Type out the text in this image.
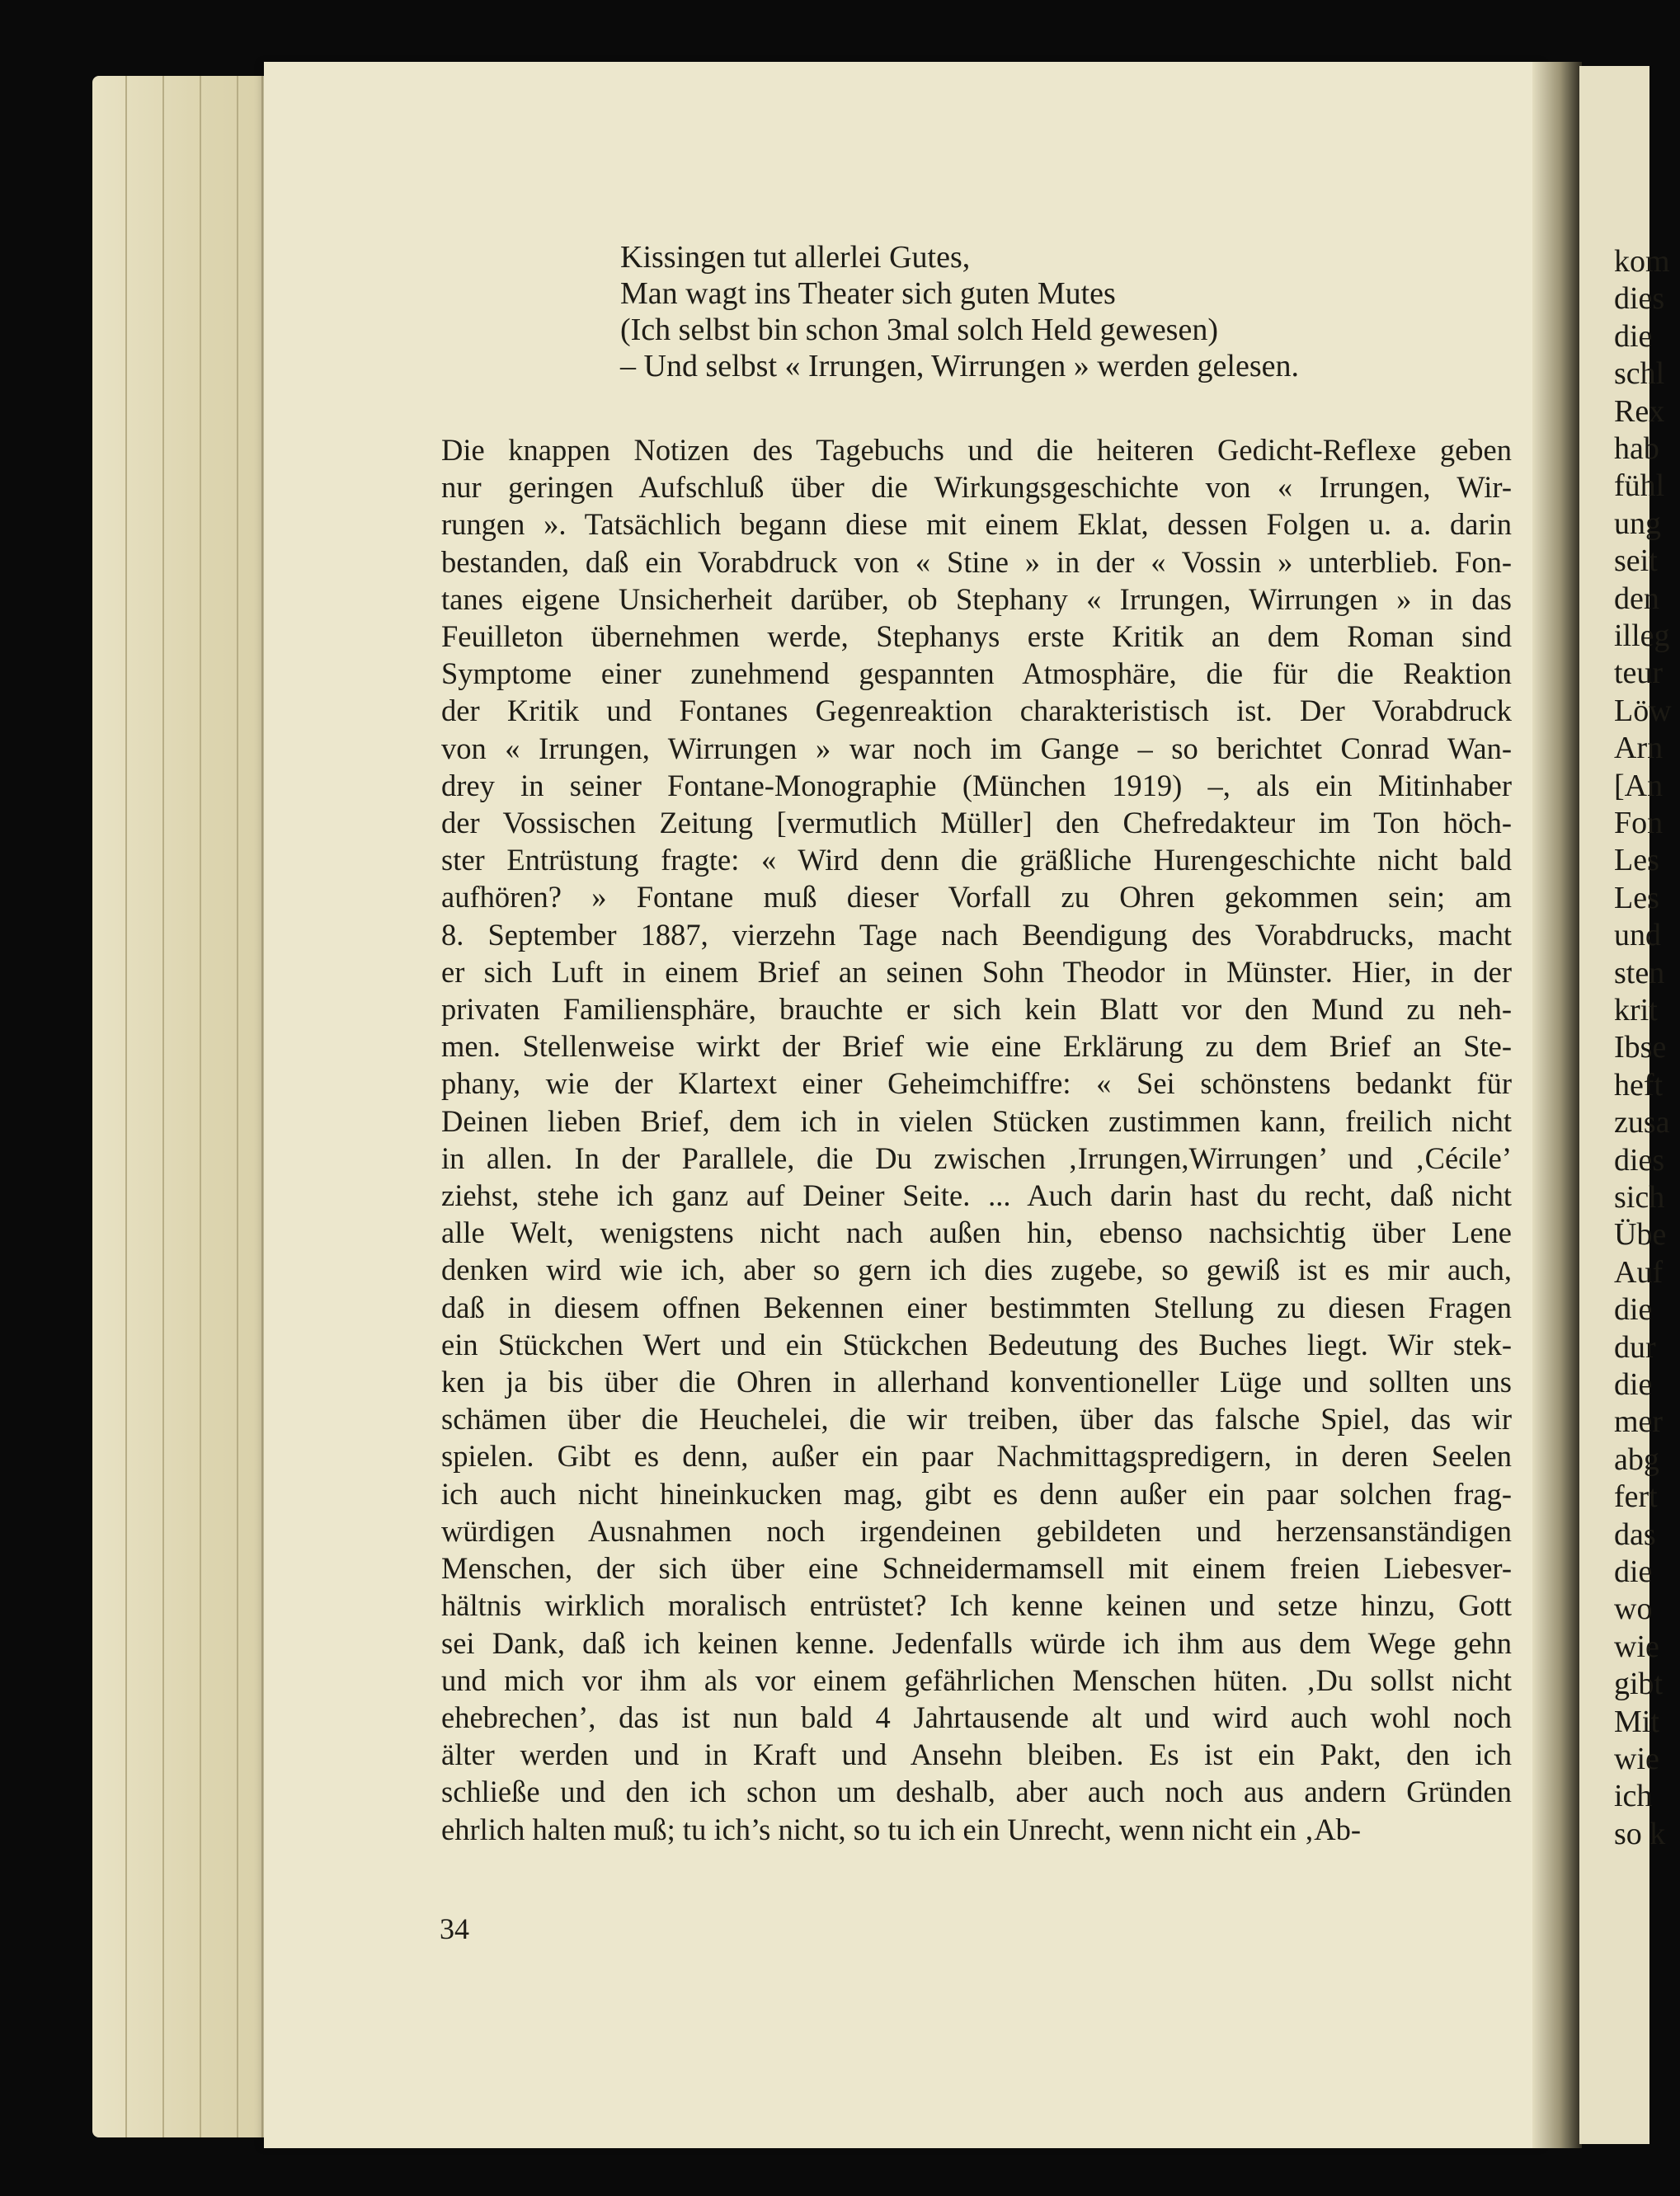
kom
dies
die
schl
Rex
hab
fühl
ung
seit
den
illeg
teur
Löw
Arn
[An
Fon
Les
Les
und
sten
krit
Ibse
heft
zusa
dies
sich
Übe
Auf
die
dur
die
mer
abg
fert
das
die
wo
wie
gibt
Mit
wie
ich
so k
Kissingen tut allerlei Gutes,
Man wagt ins Theater sich guten Mutes
(Ich selbst bin schon 3mal solch Held gewesen)
– Und selbst « Irrungen, Wirrungen » werden gelesen.
Die knappen Notizen des Tagebuchs und die heiteren Gedicht-Reflexe geben
nur geringen Aufschluß über die Wirkungsgeschichte von « Irrungen, Wir-
rungen ». Tatsächlich begann diese mit einem Eklat, dessen Folgen u. a. darin
bestanden, daß ein Vorabdruck von « Stine » in der « Vossin » unterblieb. Fon-
tanes eigene Unsicherheit darüber, ob Stephany « Irrungen, Wirrungen » in das
Feuilleton übernehmen werde, Stephanys erste Kritik an dem Roman sind
Symptome einer zunehmend gespannten Atmosphäre, die für die Reaktion
der Kritik und Fontanes Gegenreaktion charakteristisch ist. Der Vorabdruck
von « Irrungen, Wirrungen » war noch im Gange – so berichtet Conrad Wan-
drey in seiner Fontane-Monographie (München 1919) –, als ein Mitinhaber
der Vossischen Zeitung [vermutlich Müller] den Chefredakteur im Ton höch-
ster Entrüstung fragte: « Wird denn die gräßliche Hurengeschichte nicht bald
aufhören? » Fontane muß dieser Vorfall zu Ohren gekommen sein; am
8. September 1887, vierzehn Tage nach Beendigung des Vorabdrucks, macht
er sich Luft in einem Brief an seinen Sohn Theodor in Münster. Hier, in der
privaten Familiensphäre, brauchte er sich kein Blatt vor den Mund zu neh-
men. Stellenweise wirkt der Brief wie eine Erklärung zu dem Brief an Ste-
phany, wie der Klartext einer Geheimchiffre: « Sei schönstens bedankt für
Deinen lieben Brief, dem ich in vielen Stücken zustimmen kann, freilich nicht
in allen. In der Parallele, die Du zwischen ‚Irrungen,Wirrungen’ und ‚Cécile’
ziehst, stehe ich ganz auf Deiner Seite. ... Auch darin hast du recht, daß nicht
alle Welt, wenigstens nicht nach außen hin, ebenso nachsichtig über Lene
denken wird wie ich, aber so gern ich dies zugebe, so gewiß ist es mir auch,
daß in diesem offnen Bekennen einer bestimmten Stellung zu diesen Fragen
ein Stückchen Wert und ein Stückchen Bedeutung des Buches liegt. Wir stek-
ken ja bis über die Ohren in allerhand konventioneller Lüge und sollten uns
schämen über die Heuchelei, die wir treiben, über das falsche Spiel, das wir
spielen. Gibt es denn, außer ein paar Nachmittagspredigern, in deren Seelen
ich auch nicht hineinkucken mag, gibt es denn außer ein paar solchen frag-
würdigen Ausnahmen noch irgendeinen gebildeten und herzensanständigen
Menschen, der sich über eine Schneidermamsell mit einem freien Liebesver-
hältnis wirklich moralisch entrüstet? Ich kenne keinen und setze hinzu, Gott
sei Dank, daß ich keinen kenne. Jedenfalls würde ich ihm aus dem Wege gehn
und mich vor ihm als vor einem gefährlichen Menschen hüten. ‚Du sollst nicht
ehebrechen’, das ist nun bald 4 Jahrtausende alt und wird auch wohl noch
älter werden und in Kraft und Ansehn bleiben. Es ist ein Pakt, den ich
schließe und den ich schon um deshalb, aber auch noch aus andern Gründen
ehrlich halten muß; tu ich’s nicht, so tu ich ein Unrecht, wenn nicht ein ‚Ab-
34
